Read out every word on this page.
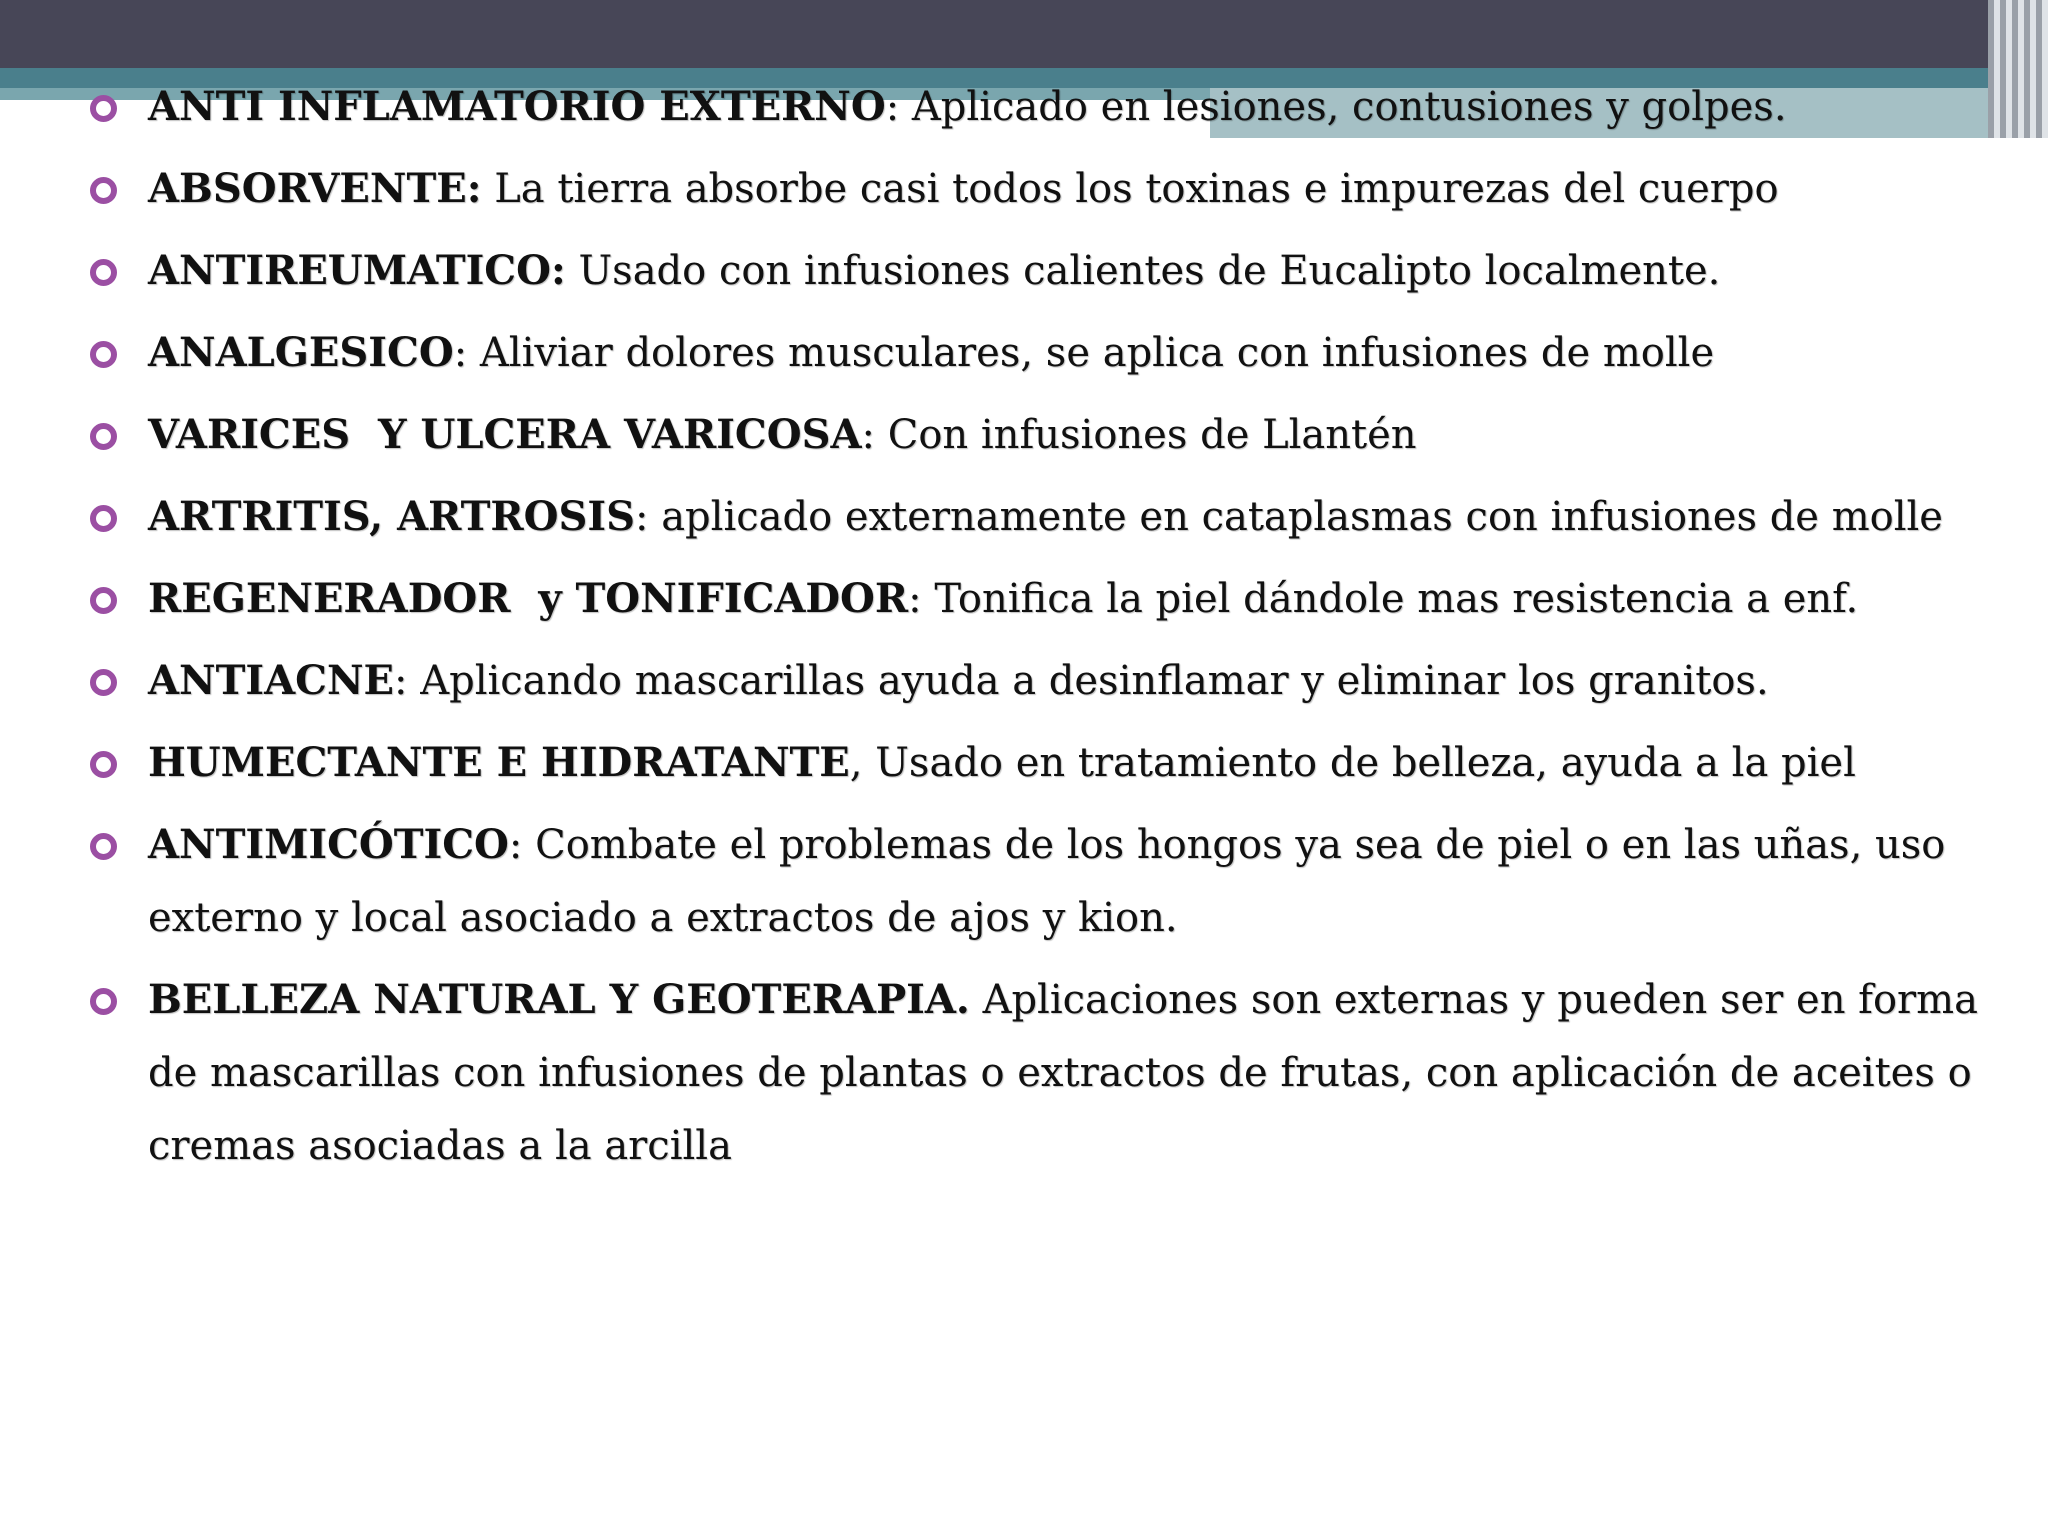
ANTI INFLAMATORIO EXTERNO: Aplicado en lesiones, contusiones y golpes.
ABSORVENTE: La tierra absorbe casi todos los toxinas e impurezas del cuerpo
ANTIREUMATICO: Usado con infusiones calientes de Eucalipto localmente.
ANALGESICO: Aliviar dolores musculares, se aplica con infusiones de molle
VARICES  Y ULCERA VARICOSA: Con infusiones de Llantén
ARTRITIS, ARTROSIS: aplicado externamente en cataplasmas con infusiones de molle
REGENERADOR  y TONIFICADOR: Tonifica la piel dándole mas resistencia a enf.
ANTIACNE: Aplicando mascarillas ayuda a desinflamar y eliminar los granitos.
HUMECTANTE E HIDRATANTE, Usado en tratamiento de belleza, ayuda a la piel
ANTIMICÓTICO: Combate el problemas de los hongos ya sea de piel o en las uñas, uso externo y local asociado a extractos de ajos y kion.
BELLEZA NATURAL Y GEOTERAPIA. Aplicaciones son externas y pueden ser en forma de mascarillas con infusiones de plantas o extractos de frutas, con aplicación de aceites o cremas asociadas a la arcilla
